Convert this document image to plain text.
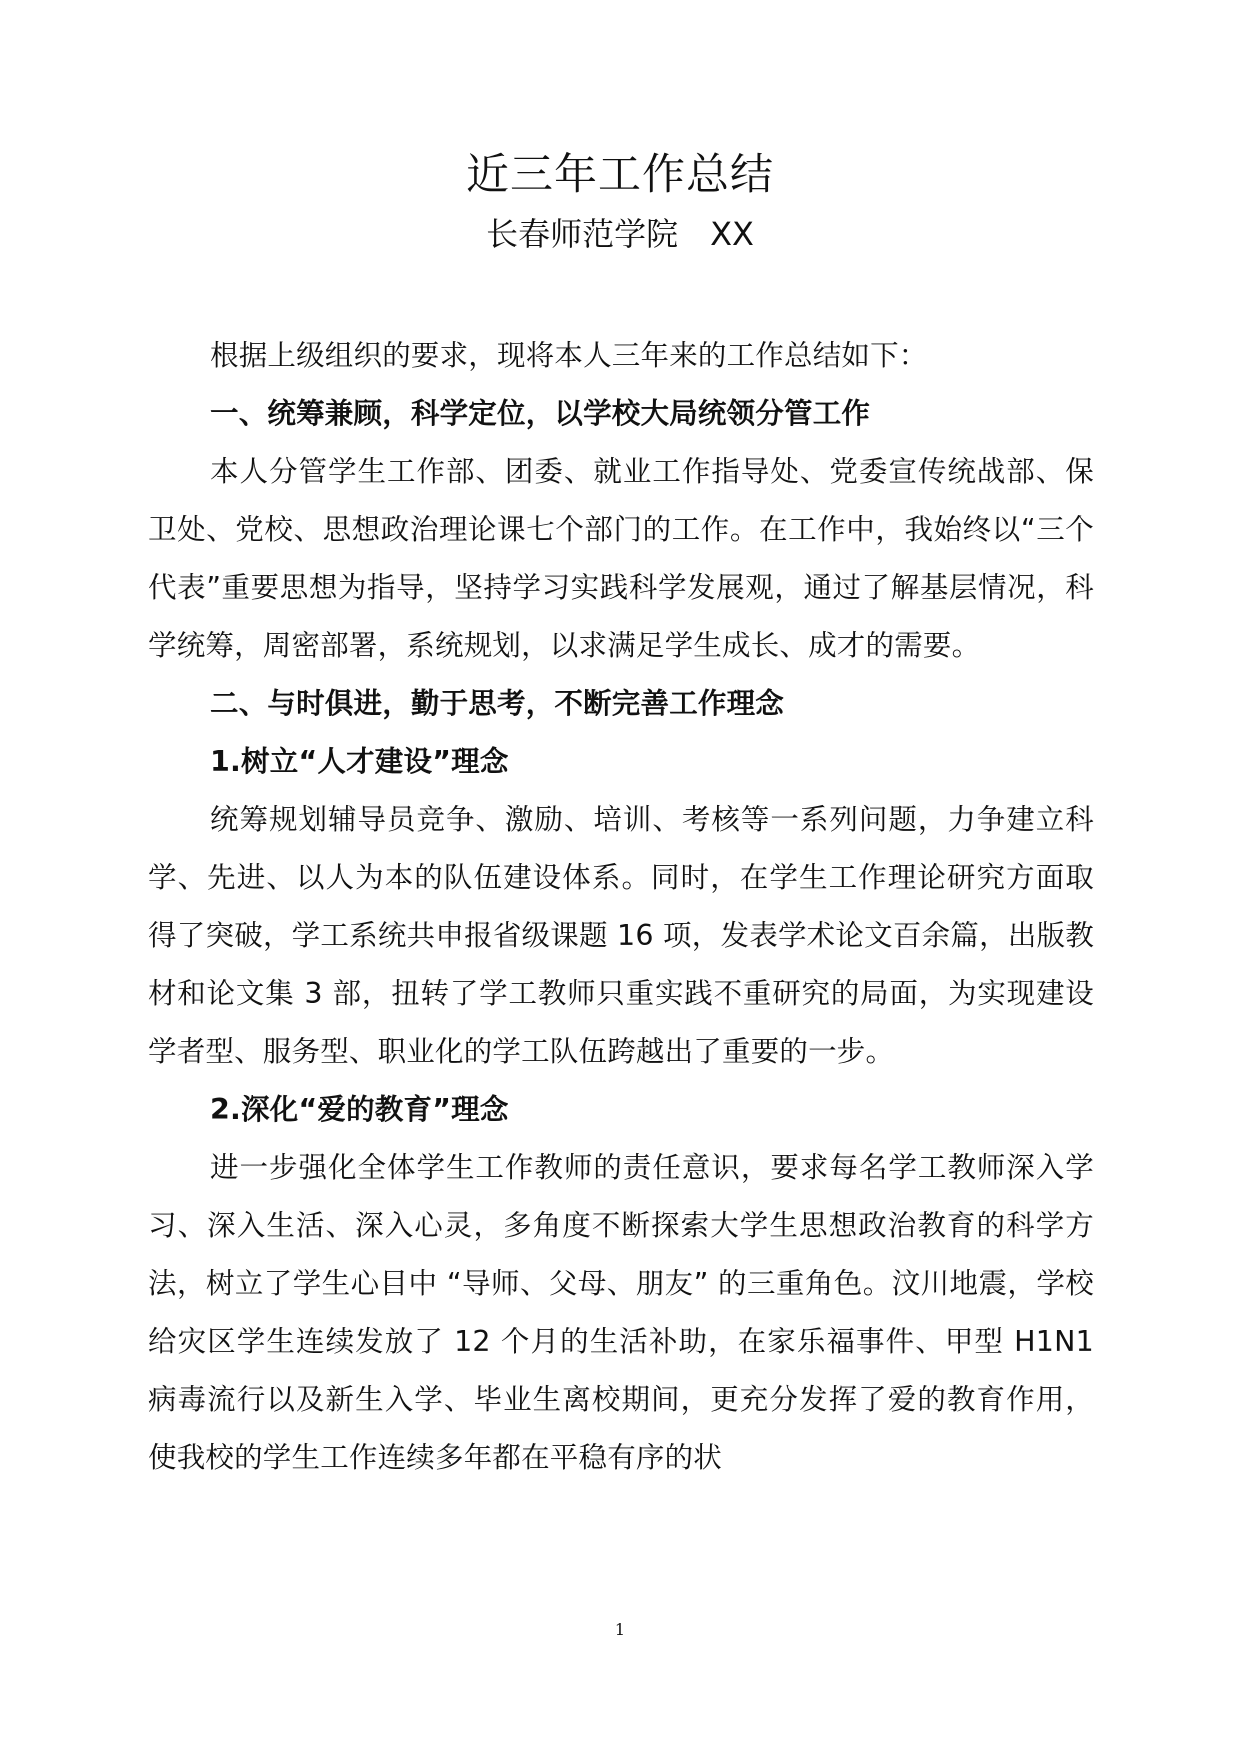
近三年工作总结
长春师范学院　XX

根据上级组织的要求，现将本人三年来的工作总结如下：

一、统筹兼顾，科学定位，以学校大局统领分管工作

本人分管学生工作部、团委、就业工作指导处、党委宣传统战部、保卫处、党校、思想政治理论课七个部门的工作。在工作中，我始终以“三个代表”重要思想为指导，坚持学习实践科学发展观，通过了解基层情况，科学统筹，周密部署，系统规划，以求满足学生成长、成才的需要。

二、与时俱进，勤于思考，不断完善工作理念

1.树立“人才建设”理念

统筹规划辅导员竞争、激励、培训、考核等一系列问题，力争建立科学、先进、以人为本的队伍建设体系。同时，在学生工作理论研究方面取得了突破，学工系统共申报省级课题 16 项，发表学术论文百余篇，出版教材和论文集 3 部，扭转了学工教师只重实践不重研究的局面，为实现建设学者型、服务型、职业化的学工队伍跨越出了重要的一步。

2.深化“爱的教育”理念

进一步强化全体学生工作教师的责任意识，要求每名学工教师深入学习、深入生活、深入心灵，多角度不断探索大学生思想政治教育的科学方法，树立了学生心目中 “导师、父母、朋友” 的三重角色。汶川地震，学校给灾区学生连续发放了 12 个月的生活补助，在家乐福事件、甲型 H1N1 病毒流行以及新生入学、毕业生离校期间，更充分发挥了爱的教育作用，使我校的学生工作连续多年都在平稳有序的状

1
